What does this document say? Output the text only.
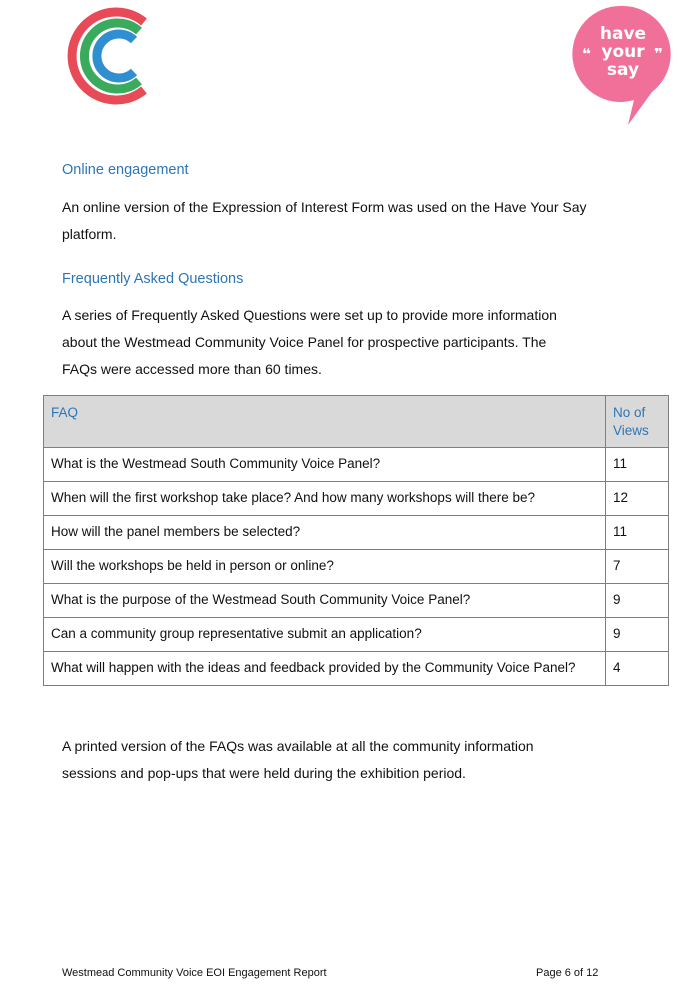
have
your
say
❝	❞
Online engagement
An online version of the Expression of Interest Form was used on the Have Your Say
platform.
Frequently Asked Questions
A series of Frequently Asked Questions were set up to provide more information
about the Westmead Community Voice Panel for prospective participants. The
FAQs were accessed more than 60 times.
FAQ	No of Views
What is the Westmead South Community Voice Panel?	11
When will the first workshop take place? And how many workshops will there be?	12
How will the panel members be selected?	11
Will the workshops be held in person or online?	7
What is the purpose of the Westmead South Community Voice Panel?	9
Can a community group representative submit an application?	9
What will happen with the ideas and feedback provided by the Community Voice Panel?	4
A printed version of the FAQs was available at all the community information
sessions and pop-ups that were held during the exhibition period.
Westmead Community Voice EOI Engagement Report	Page 6 of 12
